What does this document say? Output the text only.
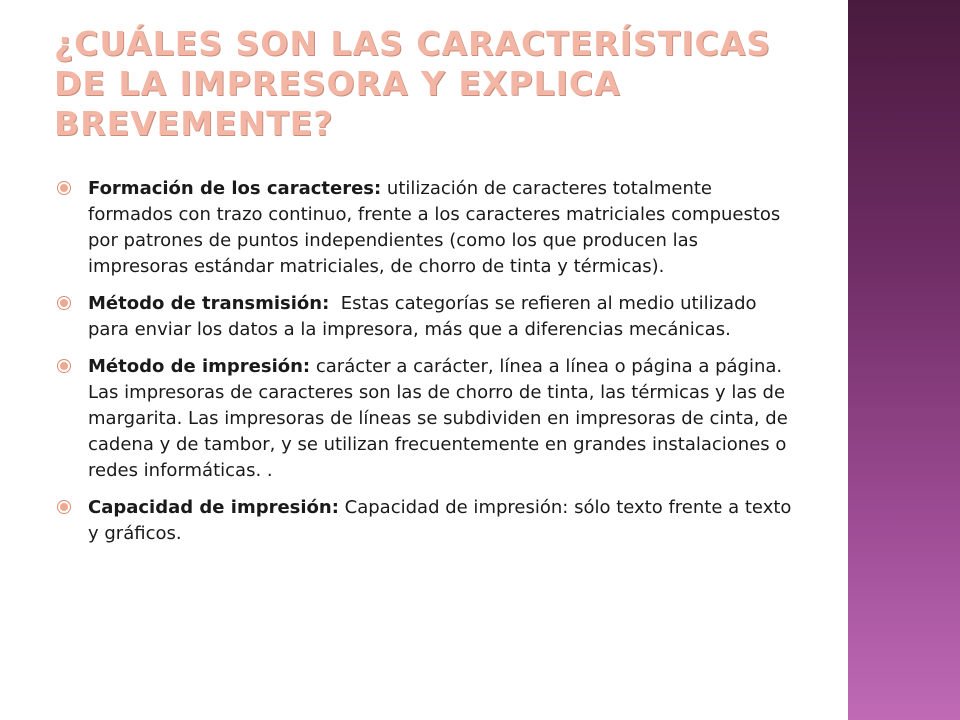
¿CUÁLES SON LAS CARACTERÍSTICAS DE LA IMPRESORA Y EXPLICA BREVEMENTE?
Formación de los caracteres: utilización de caracteres totalmente formados con trazo continuo, frente a los caracteres matriciales compuestos por patrones de puntos independientes (como los que producen las impresoras estándar matriciales, de chorro de tinta y térmicas).
Método de transmisión:  Estas categorías se refieren al medio utilizado para enviar los datos a la impresora, más que a diferencias mecánicas.
Método de impresión: carácter a carácter, línea a línea o página a página. Las impresoras de caracteres son las de chorro de tinta, las térmicas y las de margarita. Las impresoras de líneas se subdividen en impresoras de cinta, de cadena y de tambor, y se utilizan frecuentemente en grandes instalaciones o redes informáticas. .
Capacidad de impresión: Capacidad de impresión: sólo texto frente a texto y gráficos.
